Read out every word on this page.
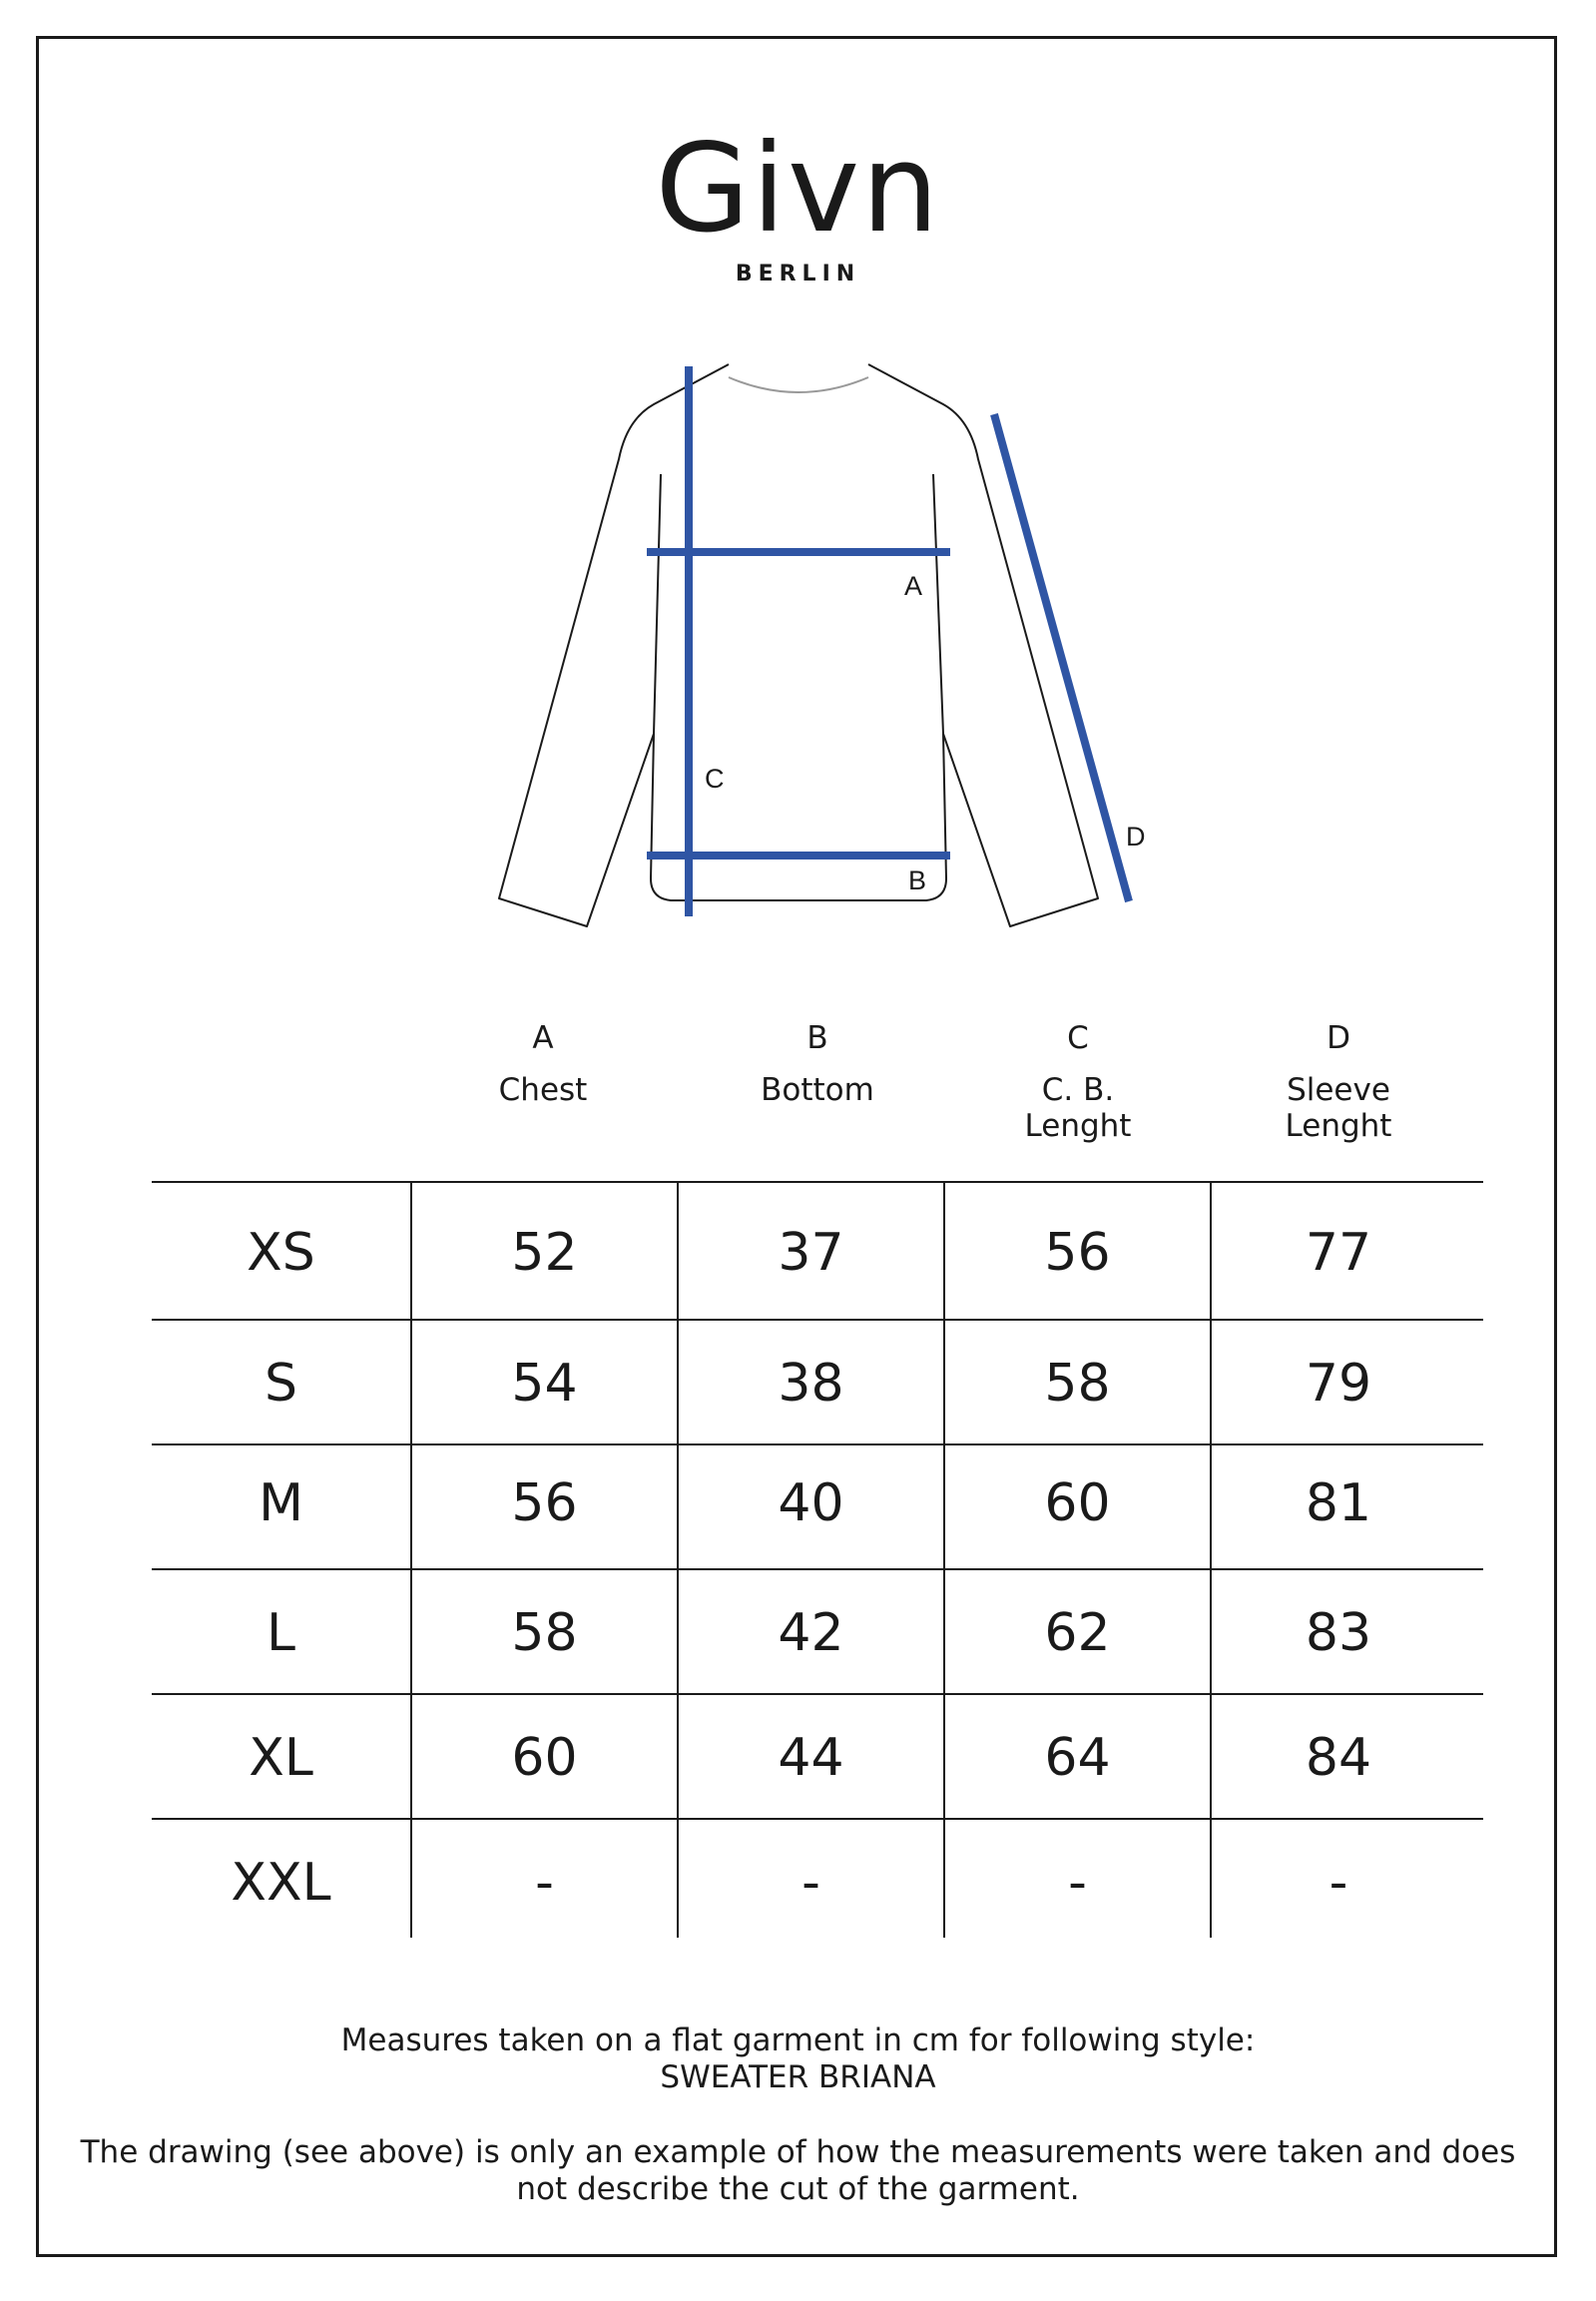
Givn
BERLIN
A
C
B
D
A
Chest
B
Bottom
C
C. B.
Lenght
D
Sleeve
Lenght
XS	52	37	56	77
S	54	38	58	79
M	56	40	60	81
L	58	42	62	83
XL	60	44	64	84
XXL	-	-	-	-
Measures taken on a flat garment in cm for following style:
SWEATER BRIANA
The drawing (see above) is only an example of how the measurements were taken and does
not describe the cut of the garment.
